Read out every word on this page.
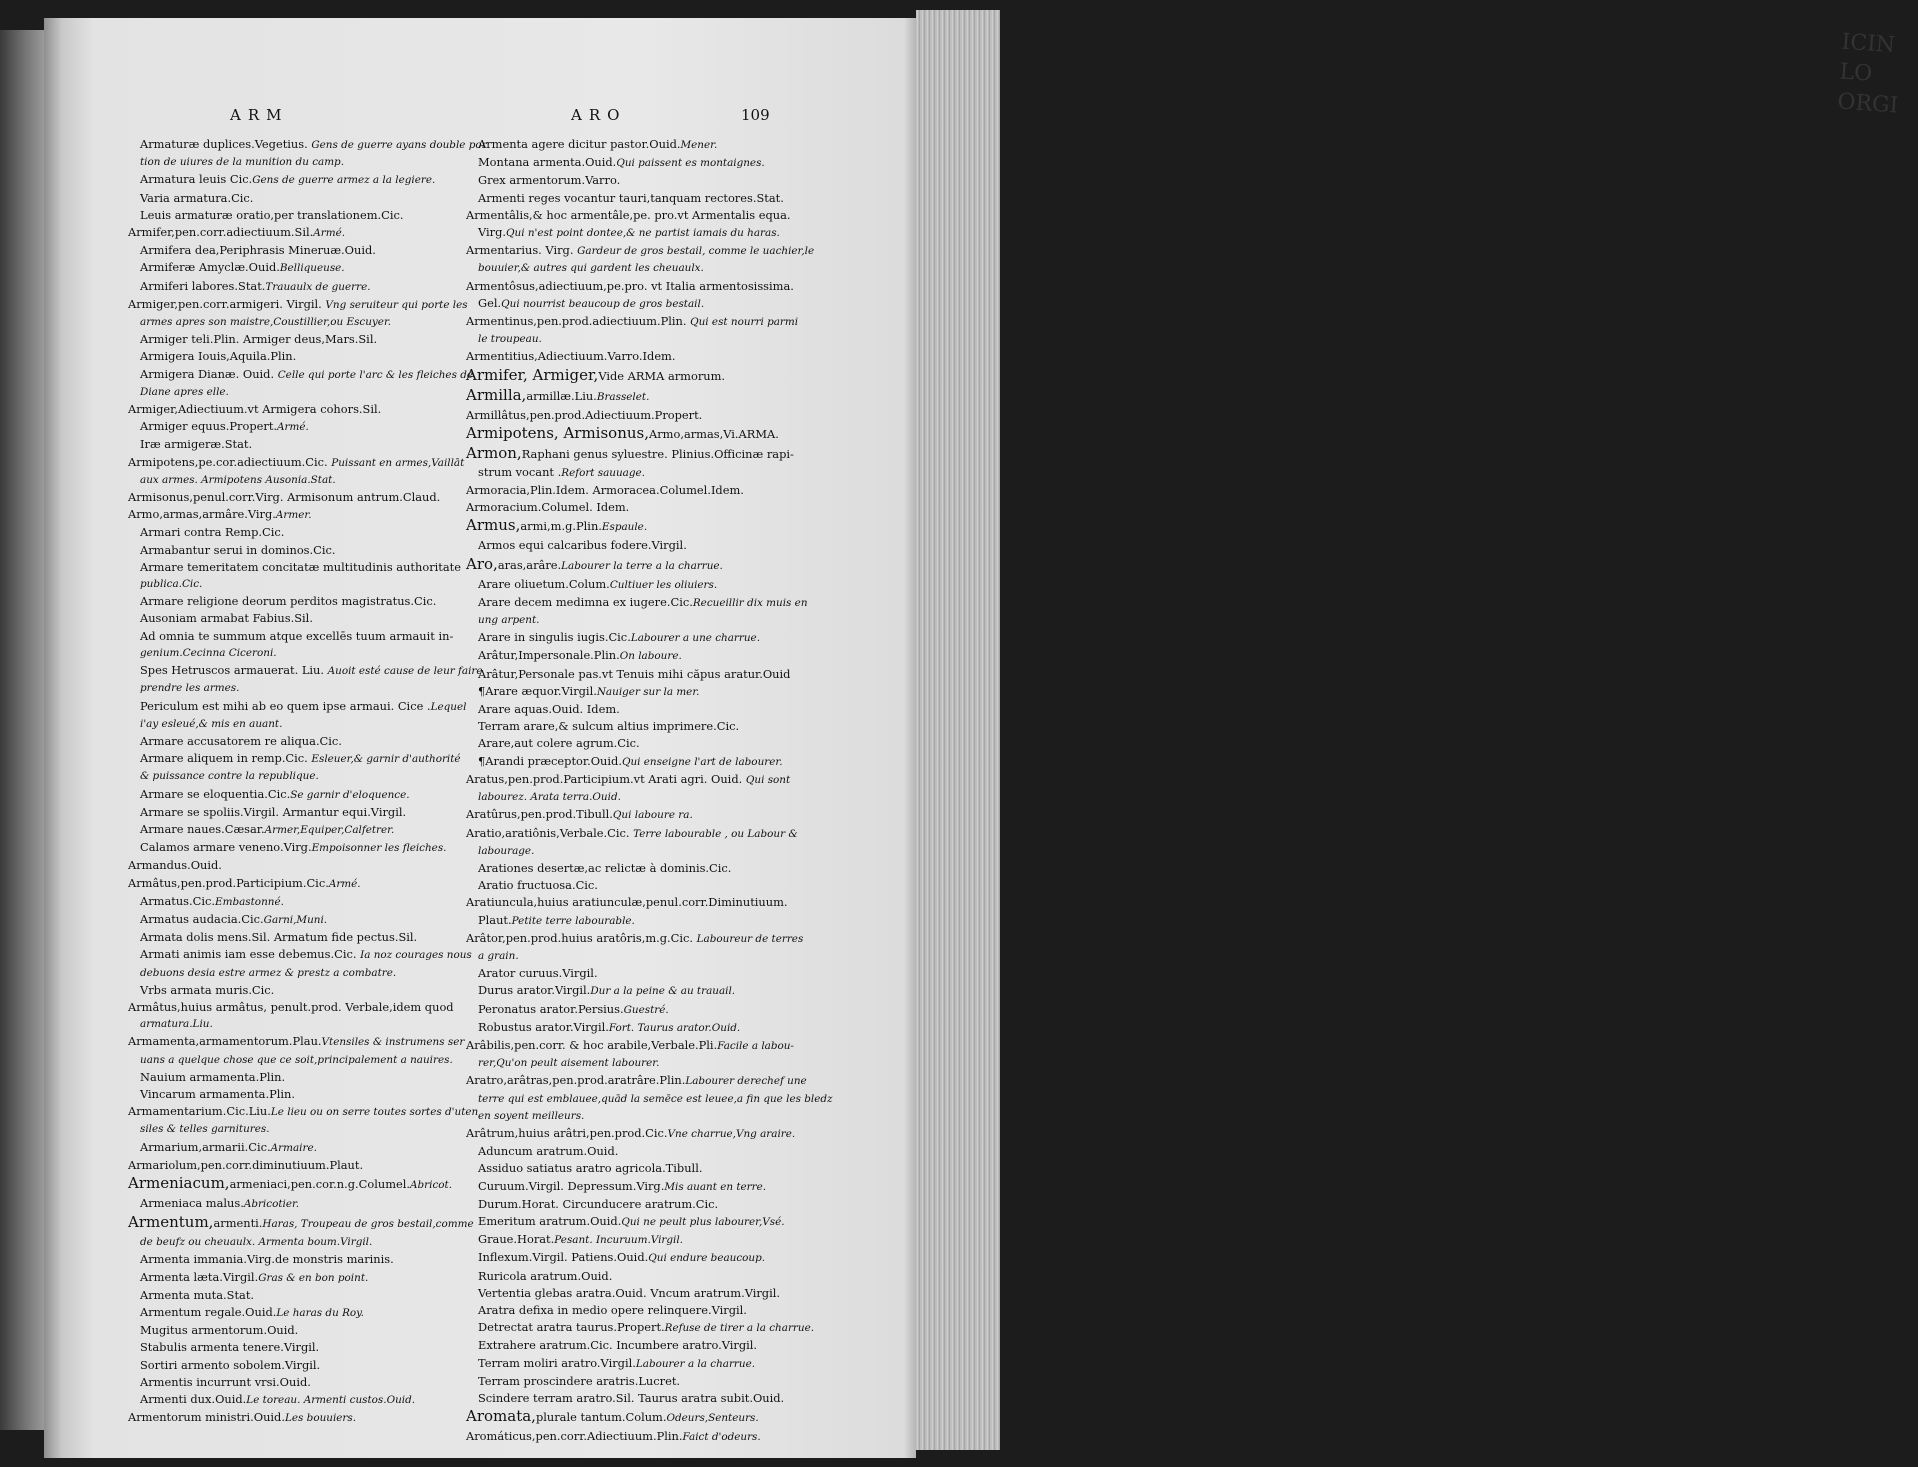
ICIN LO ORGI
ARM	ARO	109
Armaturæ duplices.Vegetius. Gens de guerre ayans double por
tion de uiures de la munition du camp.
Armatura leuis Cic.Gens de guerre armez a la legiere.
Varia armatura.Cic.
Leuis armaturæ oratio,per translationem.Cic.
Armifer,pen.corr.adiectiuum.Sil.Armé.
Armifera dea,Periphrasis Mineruæ.Ouid.
Armiferæ Amyclæ.Ouid.Belliqueuse.
Armiferi labores.Stat.Trauaulx de guerre.
Armiger,pen.corr.armigeri. Virgil. Vng seruiteur qui porte les
armes apres son maistre,Coustillier,ou Escuyer.
Armiger teli.Plin. Armiger deus,Mars.Sil.
Armigera Iouis,Aquila.Plin.
Armigera Dianæ. Ouid. Celle qui porte l'arc & les fleiches de
Diane apres elle.
Armiger,Adiectiuum.vt Armigera cohors.Sil.
Armiger equus.Propert.Armé.
Iræ armigeræ.Stat.
Armipotens,pe.cor.adiectiuum.Cic. Puissant en armes,Vaillāt
aux armes. Armipotens Ausonia.Stat.
Armisonus,penul.corr.Virg. Armisonum antrum.Claud.
Armo,armas,armâre.Virg.Armer.
Armari contra Remp.Cic.
Armabantur serui in dominos.Cic.
Armare temeritatem concitatæ multitudinis authoritate
publica.Cic.
Armare religione deorum perditos magistratus.Cic.
Ausoniam armabat Fabius.Sil.
Ad omnia te summum atque excellēs tuum armauit in-
genium.Cecinna Ciceroni.
Spes Hetruscos armauerat. Liu. Auoit esté cause de leur faire
prendre les armes.
Periculum est mihi ab eo quem ipse armaui. Cice .Lequel
i'ay esleué,& mis en auant.
Armare accusatorem re aliqua.Cic.
Armare aliquem in remp.Cic. Esleuer,& garnir d'authorité
& puissance contre la republique.
Armare se eloquentia.Cic.Se garnir d'eloquence.
Armare se spoliis.Virgil. Armantur equi.Virgil.
Armare naues.Cæsar.Armer,Equiper,Calfetrer.
Calamos armare veneno.Virg.Empoisonner les fleiches.
Armandus.Ouid.
Armâtus,pen.prod.Participium.Cic.Armé.
Armatus.Cic.Embastonné.
Armatus audacia.Cic.Garni,Muni.
Armata dolis mens.Sil. Armatum fide pectus.Sil.
Armati animis iam esse debemus.Cic. Ia noz courages nous
debuons desia estre armez & prestz a combatre.
Vrbs armata muris.Cic.
Armâtus,huius armâtus, penult.prod. Verbale,idem quod
armatura.Liu.
Armamenta,armamentorum.Plau.Vtensiles & instrumens ser
uans a quelque chose que ce soit,principalement a nauires.
Nauium armamenta.Plin.
Vincarum armamenta.Plin.
Armamentarium.Cic.Liu.Le lieu ou on serre toutes sortes d'uten
siles & telles garnitures.
Armarium,armarii.Cic.Armaire.
Armariolum,pen.corr.diminutiuum.Plaut.
Armeniacum,armeniaci,pen.cor.n.g.Columel.Abricot.
Armeniaca malus.Abricotier.
Armentum,armenti.Haras, Troupeau de gros bestail,comme
de beufz ou cheuaulx. Armenta boum.Virgil.
Armenta immania.Virg.de monstris marinis.
Armenta læta.Virgil.Gras & en bon point.
Armenta muta.Stat.
Armentum regale.Ouid.Le haras du Roy.
Mugitus armentorum.Ouid.
Stabulis armenta tenere.Virgil.
Sortiri armento sobolem.Virgil.
Armentis incurrunt vrsi.Ouid.
Armenti dux.Ouid.Le toreau. Armenti custos.Ouid.
Armentorum ministri.Ouid.Les bouuiers.
Armenta agere dicitur pastor.Ouid.Mener.
Montana armenta.Ouid.Qui paissent es montaignes.
Grex armentorum.Varro.
Armenti reges vocantur tauri,tanquam rectores.Stat.
Armentâlis,& hoc armentâle,pe. pro.vt Armentalis equa.
Virg.Qui n'est point dontee,& ne partist iamais du haras.
Armentarius. Virg. Gardeur de gros bestail, comme le uachier,le
bouuier,& autres qui gardent les cheuaulx.
Armentôsus,adiectiuum,pe.pro. vt Italia armentosissima.
Gel.Qui nourrist beaucoup de gros bestail.
Armentinus,pen.prod.adiectiuum.Plin. Qui est nourri parmi
le troupeau.
Armentitius,Adiectiuum.Varro.Idem.
Armifer, Armiger,Vide ARMA armorum.
Armilla,armillæ.Liu.Brasselet.
Armillâtus,pen.prod.Adiectiuum.Propert.
Armipotens, Armisonus,Armo,armas,Vi.ARMA.
Armon,Raphani genus syluestre. Plinius.Officinæ rapi-
strum vocant .Refort sauuage.
Armoracia,Plin.Idem. Armoracea.Columel.Idem.
Armoracium.Columel. Idem.
Armus,armi,m.g.Plin.Espaule.
Armos equi calcaribus fodere.Virgil.
Aro,aras,arâre.Labourer la terre a la charrue.
Arare oliuetum.Colum.Cultiuer les oliuiers.
Arare decem medimna ex iugere.Cic.Recueillir dix muis en
ung arpent.
Arare in singulis iugis.Cic.Labourer a une charrue.
Arâtur,Impersonale.Plin.On laboure.
Arâtur,Personale pas.vt Tenuis mihi căpus aratur.Ouid
¶Arare æquor.Virgil.Nauiger sur la mer.
Arare aquas.Ouid. Idem.
Terram arare,& sulcum altius imprimere.Cic.
Arare,aut colere agrum.Cic.
¶Arandi præceptor.Ouid.Qui enseigne l'art de labourer.
Aratus,pen.prod.Participium.vt Arati agri. Ouid. Qui sont
labourez. Arata terra.Ouid.
Aratûrus,pen.prod.Tibull.Qui laboure ra.
Aratio,aratiônis,Verbale.Cic. Terre labourable , ou Labour &
labourage.
Arationes desertæ,ac relictæ à dominis.Cic.
Aratio fructuosa.Cic.
Aratiuncula,huius aratiunculæ,penul.corr.Diminutiuum.
Plaut.Petite terre labourable.
Arâtor,pen.prod.huius aratôris,m.g.Cic. Laboureur de terres
a grain.
Arator curuus.Virgil.
Durus arator.Virgil.Dur a la peine & au trauail.
Peronatus arator.Persius.Guestré.
Robustus arator.Virgil.Fort. Taurus arator.Ouid.
Arâbilis,pen.corr. & hoc arabile,Verbale.Pli.Facile a labou-
rer,Qu'on peult aisement labourer.
Aratro,arâtras,pen.prod.aratrâre.Plin.Labourer derechef une
terre qui est emblauee,quād la semēce est leuee,a fin que les bledz
en soyent meilleurs.
Arâtrum,huius arâtri,pen.prod.Cic.Vne charrue,Vng araire.
Aduncum aratrum.Ouid.
Assiduo satiatus aratro agricola.Tibull.
Curuum.Virgil. Depressum.Virg.Mis auant en terre.
Durum.Horat. Circunducere aratrum.Cic.
Emeritum aratrum.Ouid.Qui ne peult plus labourer,Vsé.
Graue.Horat.Pesant. Incuruum.Virgil.
Inflexum.Virgil. Patiens.Ouid.Qui endure beaucoup.
Ruricola aratrum.Ouid.
Vertentia glebas aratra.Ouid. Vncum aratrum.Virgil.
Aratra defixa in medio opere relinquere.Virgil.
Detrectat aratra taurus.Propert.Refuse de tirer a la charrue.
Extrahere aratrum.Cic. Incumbere aratro.Virgil.
Terram moliri aratro.Virgil.Labourer a la charrue.
Terram proscindere aratris.Lucret.
Scindere terram aratro.Sil. Taurus aratra subit.Ouid.
Aromata,plurale tantum.Colum.Odeurs,Senteurs.
Aromáticus,pen.corr.Adiectiuum.Plin.Faict d'odeurs.
